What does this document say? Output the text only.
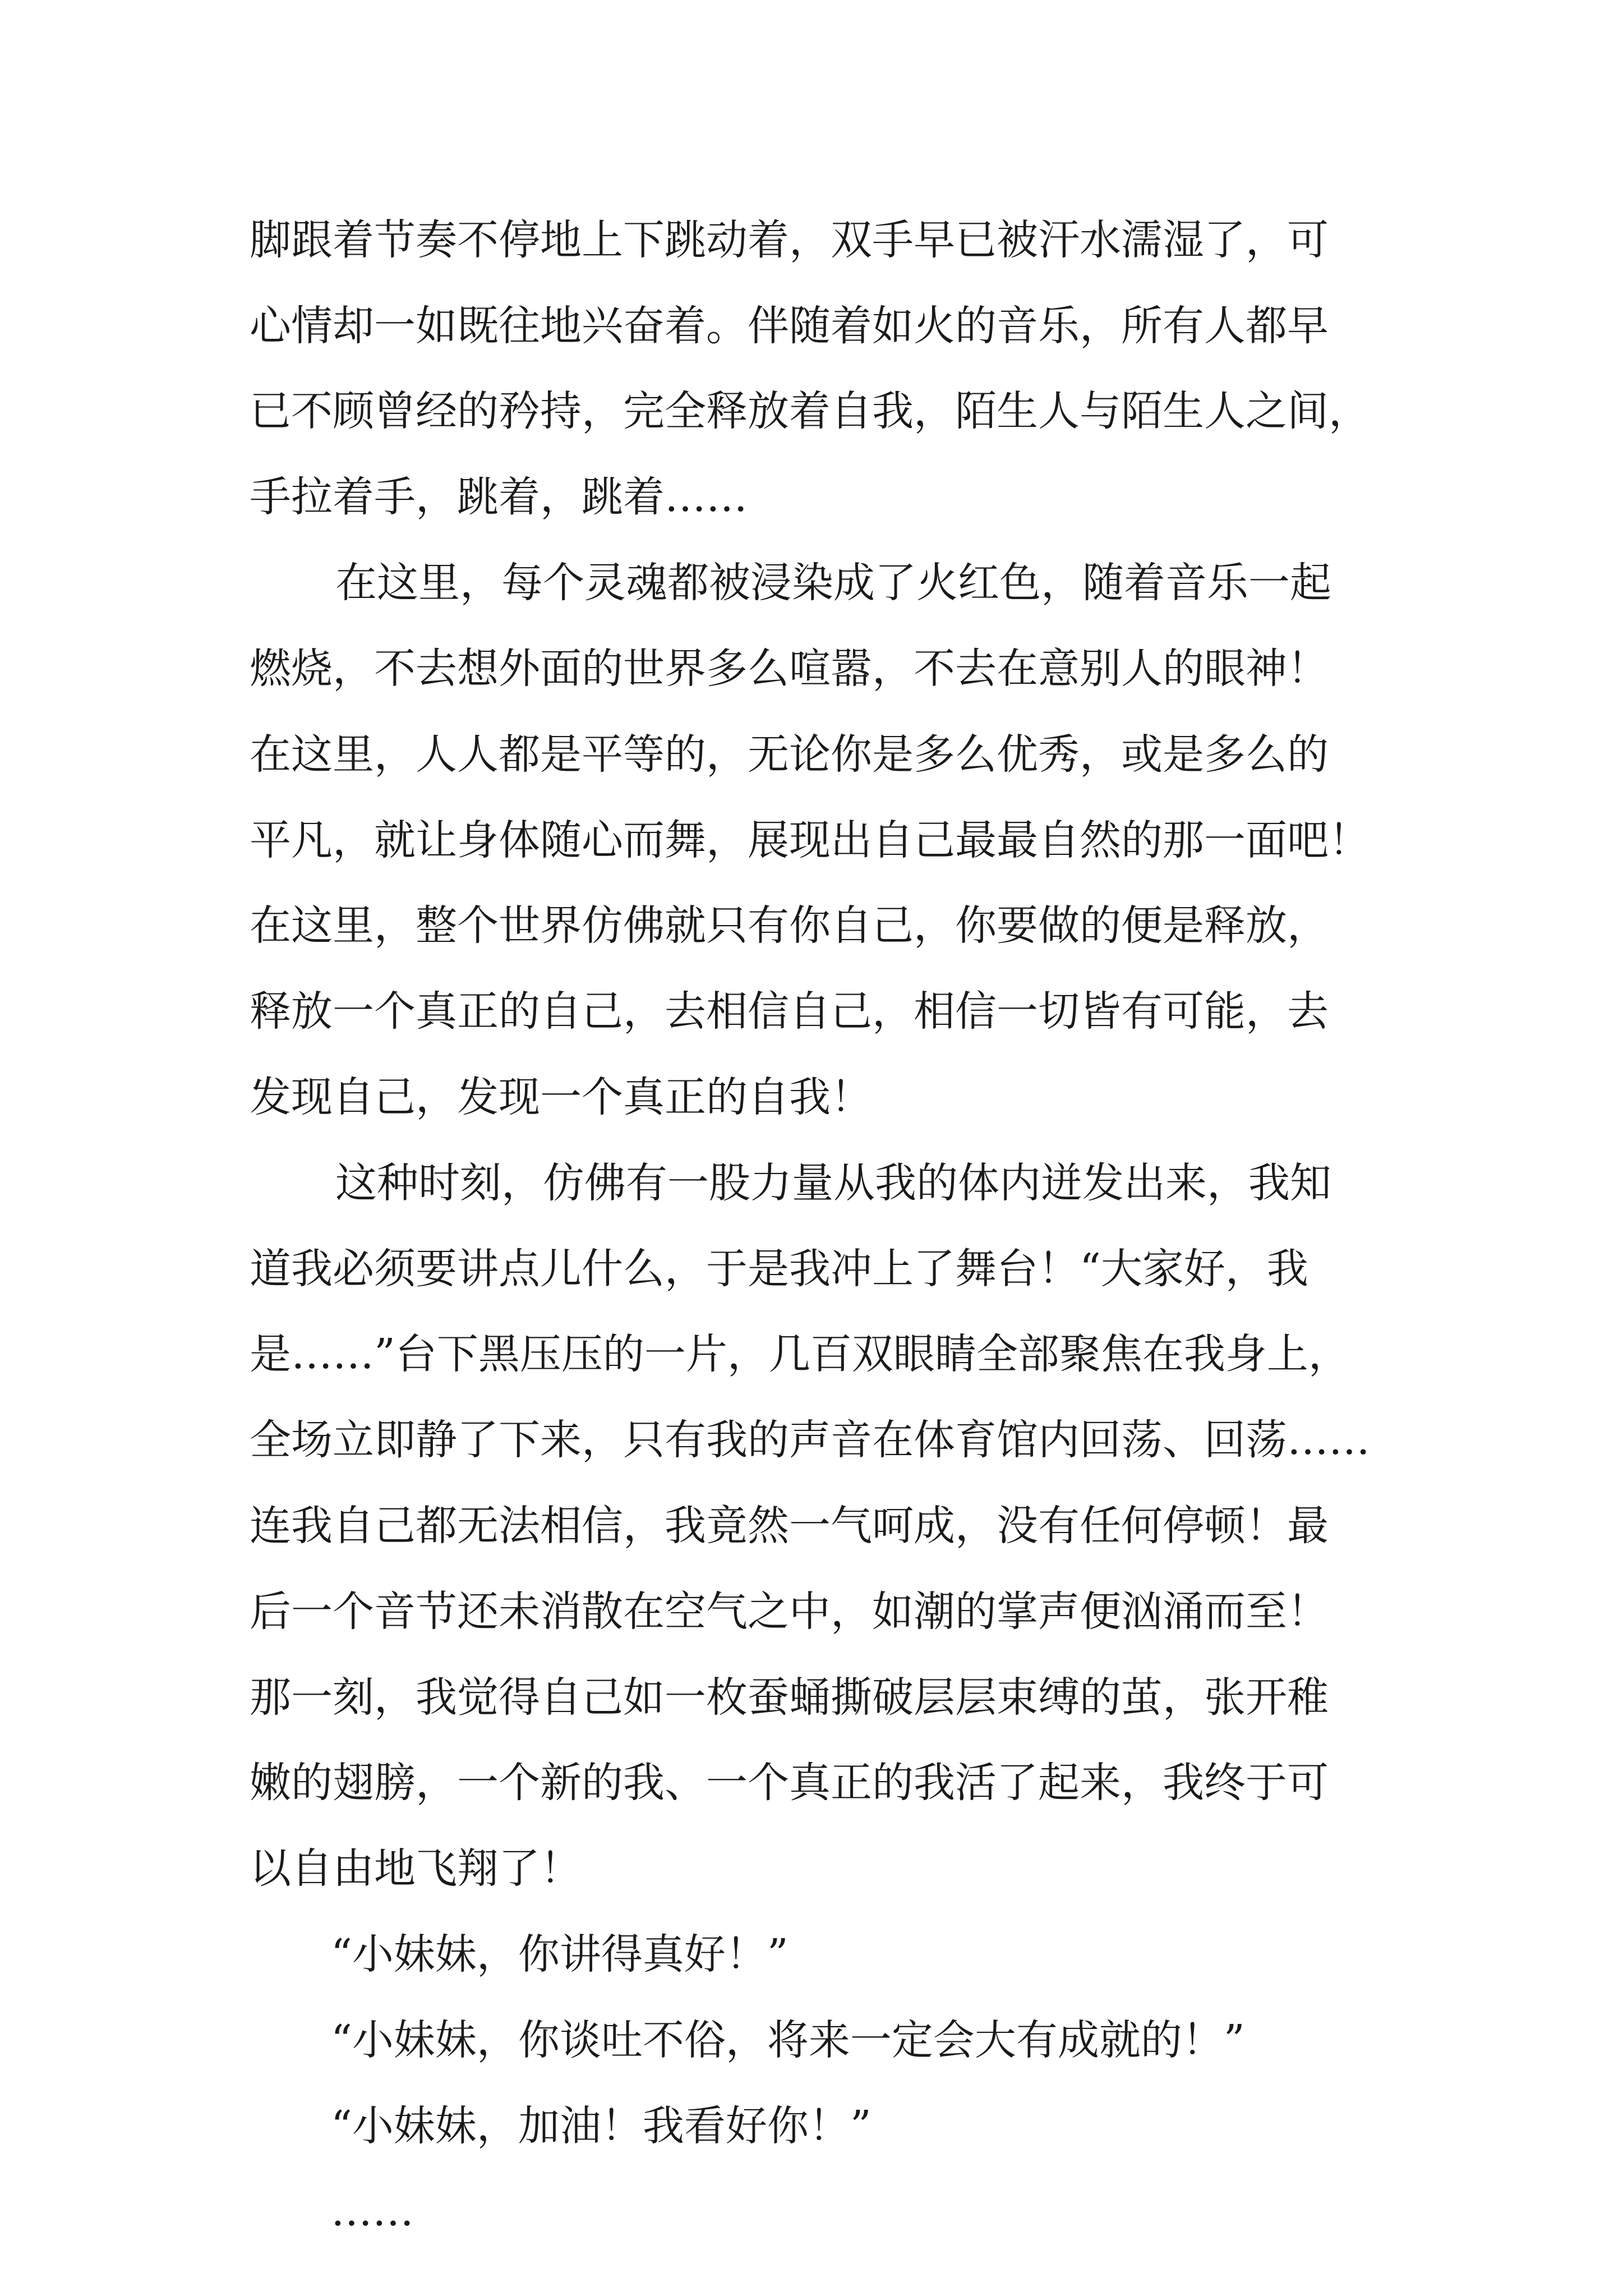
脚跟着节奏不停地上下跳动着，双手早已被汗水濡湿了，可
心情却一如既往地兴奋着。伴随着如火的音乐，所有人都早
已不顾曾经的矜持，完全释放着自我，陌生人与陌生人之间，
手拉着手，跳着，跳着……
在这里，每个灵魂都被浸染成了火红色，随着音乐一起
燃烧，不去想外面的世界多么喧嚣，不去在意别人的眼神！
在这里，人人都是平等的，无论你是多么优秀，或是多么的
平凡，就让身体随心而舞，展现出自己最最自然的那一面吧！
在这里，整个世界仿佛就只有你自己，你要做的便是释放，
释放一个真正的自己，去相信自己，相信一切皆有可能，去
发现自己，发现一个真正的自我！
这种时刻，仿佛有一股力量从我的体内迸发出来，我知
道我必须要讲点儿什么，于是我冲上了舞台！“大家好，我
是……”台下黑压压的一片，几百双眼睛全部聚焦在我身上，
全场立即静了下来，只有我的声音在体育馆内回荡、回荡……
连我自己都无法相信，我竟然一气呵成，没有任何停顿！最
后一个音节还未消散在空气之中，如潮的掌声便汹涌而至！
那一刻，我觉得自己如一枚蚕蛹撕破层层束缚的茧，张开稚
嫩的翅膀，一个新的我、一个真正的我活了起来，我终于可
以自由地飞翔了！
“小妹妹，你讲得真好！”
“小妹妹，你谈吐不俗，将来一定会大有成就的！”
“小妹妹，加油！我看好你！”
……
